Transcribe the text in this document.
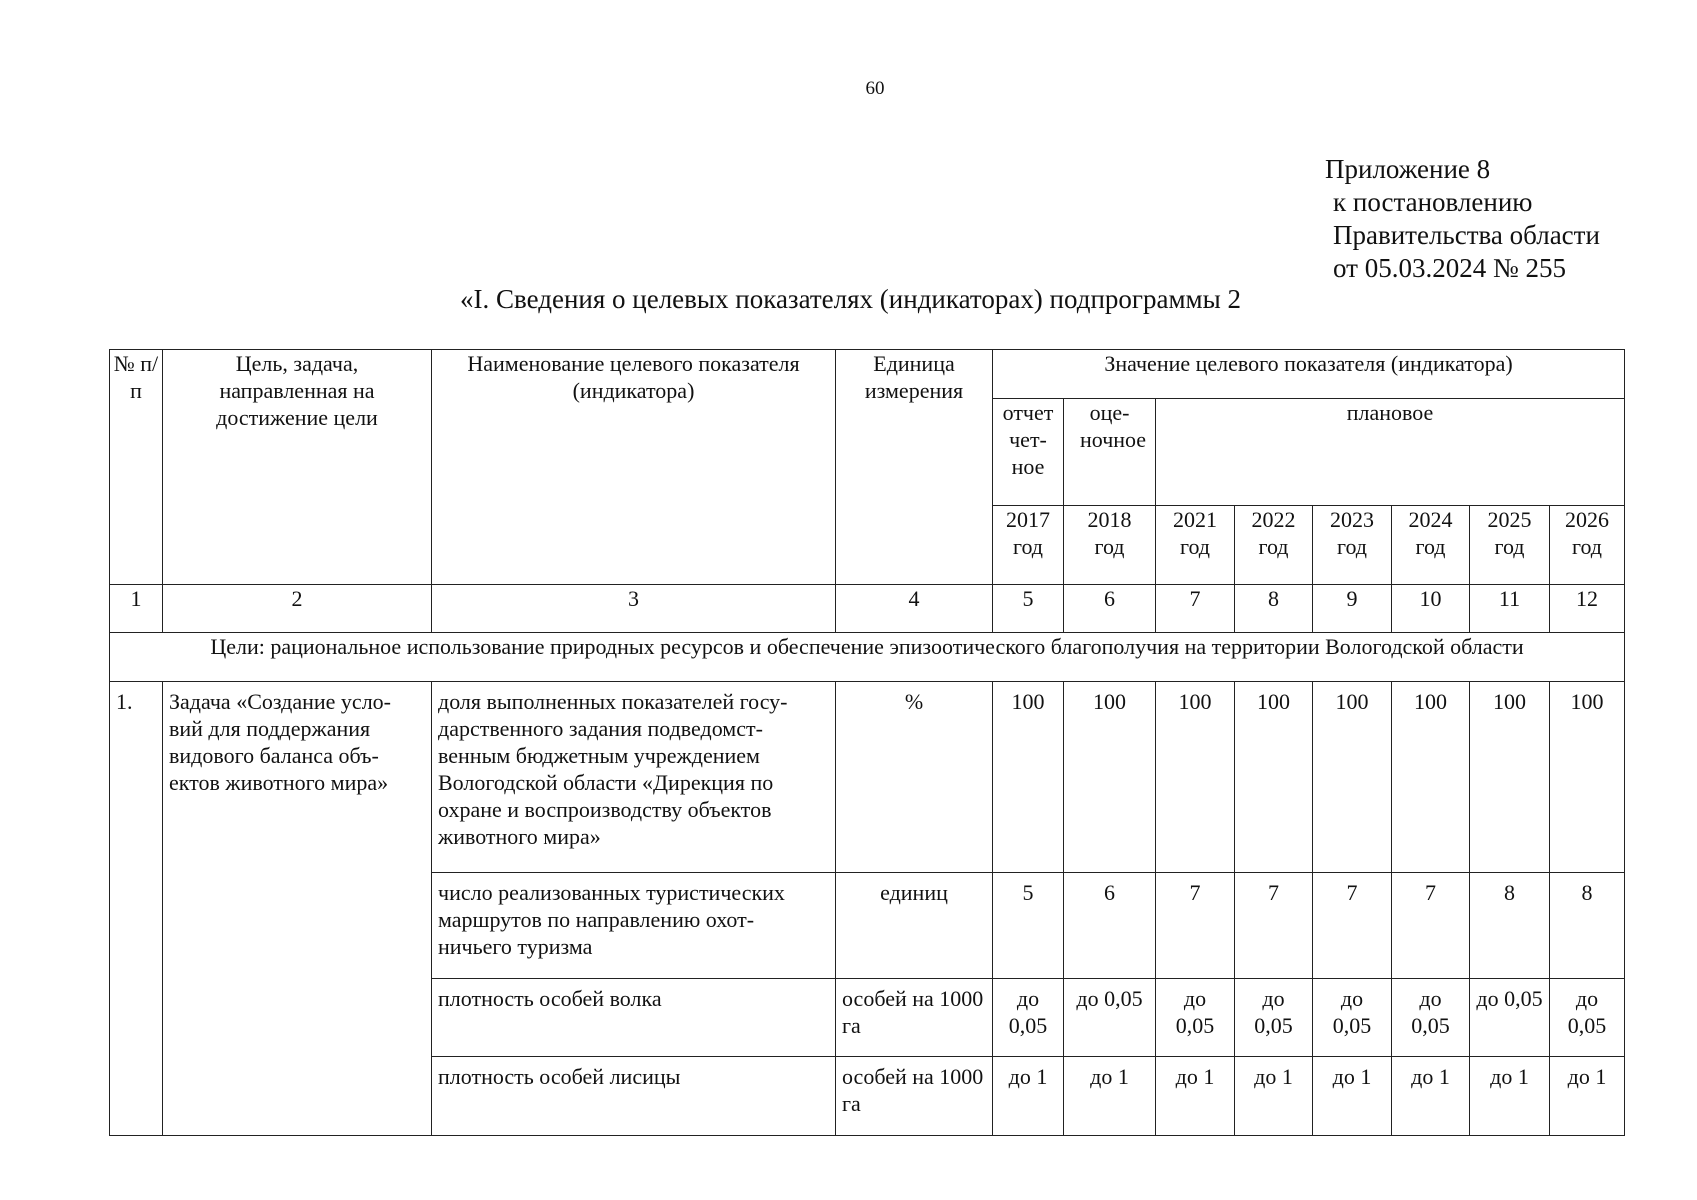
60
Приложение 8
к постановлению
Правительства области
от 05.03.2024 № 255
«I. Сведения о целевых показателях (индикаторах) подпрограммы 2
№ п/п	Цель, задача, направленная на достижение цели	Наименование целевого показателя (индикатора)	Единица измерения	Значение целевого показателя (индикатора)							
				отчет чет- ное	оце- ночное	плановое					
				2017 год	2018 год	2021 год	2022 год	2023 год	2024 год	2025 год	2026 год
1	2	3	4	5	6	7	8	9	10	11	12
Цели: рациональное использование природных ресурсов и обеспечение эпизоотического благополучия на территории Вологодской области											
1.	Задача «Создание усло- вий для поддержания видового баланса объ- ектов животного мира»	доля выполненных показателей госу- дарственного задания подведомст- венным бюджетным учреждением Вологодской области «Дирекция по охране и воспроизводству объектов животного мира»	%	100	100	100	100	100	100	100	100
		число реализованных туристических маршрутов по направлению охот- ничьего туризма	единиц	5	6	7	7	7	7	8	8
		плотность особей волка	особей на 1000 га	до 0,05	до 0,05	до 0,05	до 0,05	до 0,05	до 0,05	до 0,05	до 0,05
		плотность особей лисицы	особей на 1000 га	до 1	до 1	до 1	до 1	до 1	до 1	до 1	до 1
